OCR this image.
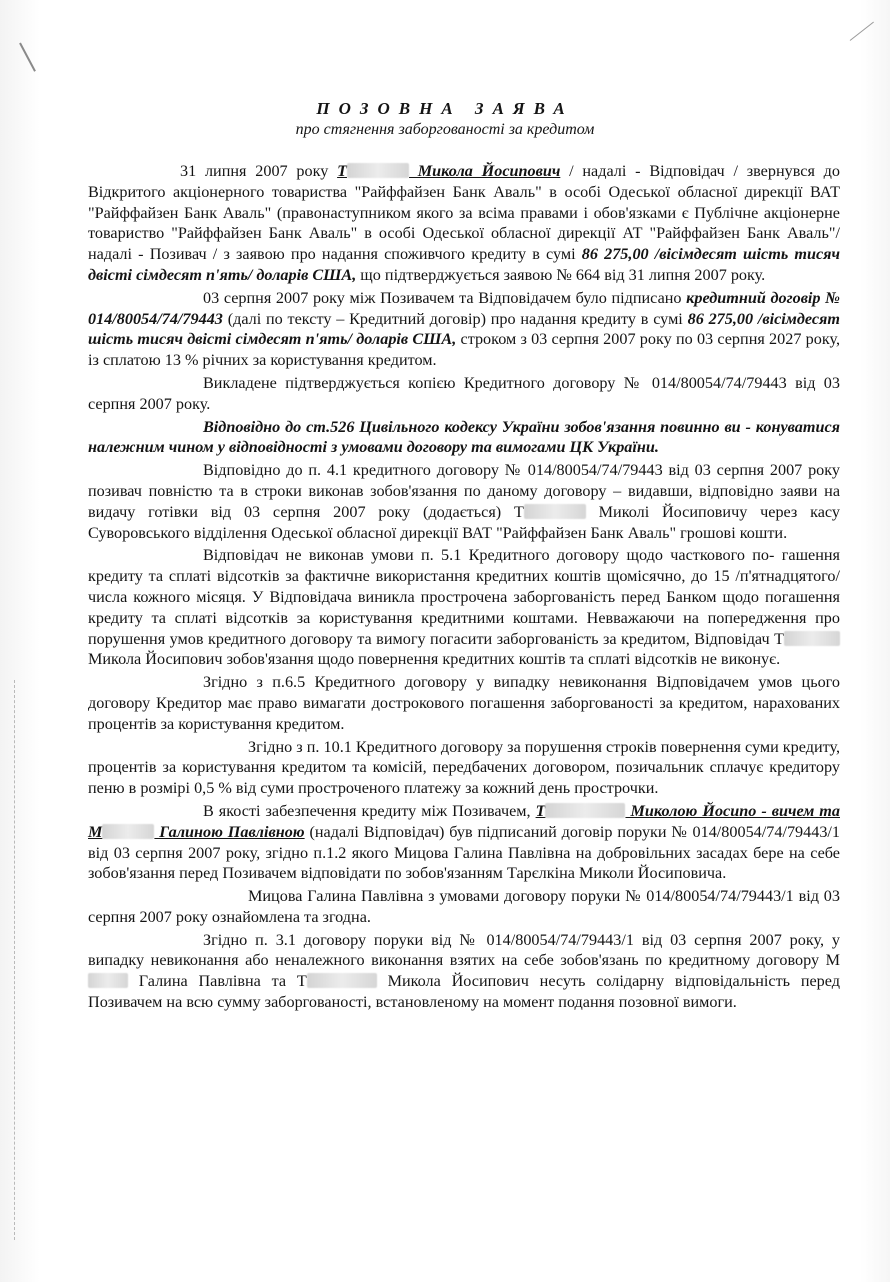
ПОЗОВНА ЗАЯВА
про стягнення заборгованості за кредитом

31 липня 2007 року Т	Микола Йосипович / надалі - Відповідач / звернувся до Відкритого акціонерного товариства "Райффайзен Банк Аваль" в особі Одеської обласної дирекції ВАТ "Райффайзен Банк Аваль" (правонаступником якого за всіма правами і обов'язками є Публічне акціонерне товариство "Райффайзен Банк Аваль" в особі Одеської обласної дирекції АТ "Райффайзен Банк Аваль"/ надалі - Позивач / з заявою про надання споживчого кредиту в сумі 86 275,00 /вісімдесят шість тисяч двісті сімдесят п'ять/ доларів США, що підтверджується заявою № 664 від 31 липня 2007 року.

03 серпня 2007 року між Позивачем та Відповідачем було підписано кредитний договір № 014/80054/74/79443 (далі по тексту – Кредитний договір) про надання кредиту в сумі 86 275,00 /вісімдесят шість тисяч двісті сімдесят п'ять/ доларів США, строком з 03 серпня 2007 року по 03 серпня 2027 року, із сплатою 13 % річних за користування кредитом.

Викладене підтверджується копією Кредитного договору № 014/80054/74/79443 від 03 серпня 2007 року.

Відповідно до ст.526 Цивільного кодексу України зобов'язання повинно ви - конуватися належним чином у відповідності з умовами договору та вимогами ЦК України.

Відповідно до п. 4.1 кредитного договору № 014/80054/74/79443 від 03 серпня 2007 року позивач повністю та в строки виконав зобов'язання по даному договору – видавши, відповідно заяви на видачу готівки від 03 серпня 2007 року (додається) Т	Миколі Йосиповичу через касу Суворовського відділення Одеської обласної дирекції ВАТ "Райффайзен Банк Аваль" грошові кошти.

Відповідач не виконав умови п. 5.1 Кредитного договору щодо часткового по- гашення кредиту та сплаті відсотків за фактичне використання кредитних коштів щомісячно, до 15 /п'ятнадцятого/ числа кожного місяця. У Відповідача виникла прострочена заборгованість перед Банком щодо погашення кредиту та сплаті відсотків за користування кредитними коштами. Невважаючи на попередження про порушення умов кредитного договору та вимогу погасити заборгованість за кредитом, Відповідач Т Микола Йосипович зобов'язання щодо повернення кредитних коштів та сплаті відсотків не виконує.

Згідно з п.6.5 Кредитного договору у випадку невиконання Відповідачем умов цього договору Кредитор має право вимагати дострокового погашення заборгованості за кредитом, нарахованих процентів за користування кредитом.

Згідно з п. 10.1 Кредитного договору за порушення строків повернення суми кредиту, процентів за користування кредитом та комісій, передбачених договором, позичальник сплачує кредитору пеню в розмірі 0,5 % від суми простроченого платежу за кожний день прострочки.

В якості забезпечення кредиту між Позивачем, Т	Миколою Йосипо - вичем та М	Галиною Павлівною (надалі Відповідач) був підписаний договір поруки № 014/80054/74/79443/1 від 03 серпня 2007 року, згідно п.1.2 якого Мицова Галина Павлівна на добровільних засадах бере на себе зобов'язання перед Позивачем відповідати по зобов'язанням Тарєлкіна Миколи Йосиповича.

Мицова Галина Павлівна з умовами договору поруки № 014/80054/74/79443/1 від 03 серпня 2007 року ознайомлена та згодна.

Згідно п. 3.1 договору поруки від № 014/80054/74/79443/1 від 03 серпня 2007 року, у випадку невиконання або неналежного виконання взятих на себе зобов'язань по кредитному договору М Галина Павлівна та Т	Микола Йосипович несуть солідарну відповідальність перед Позивачем на всю сумму заборгованості, встановленому на момент подання позовної вимоги.
